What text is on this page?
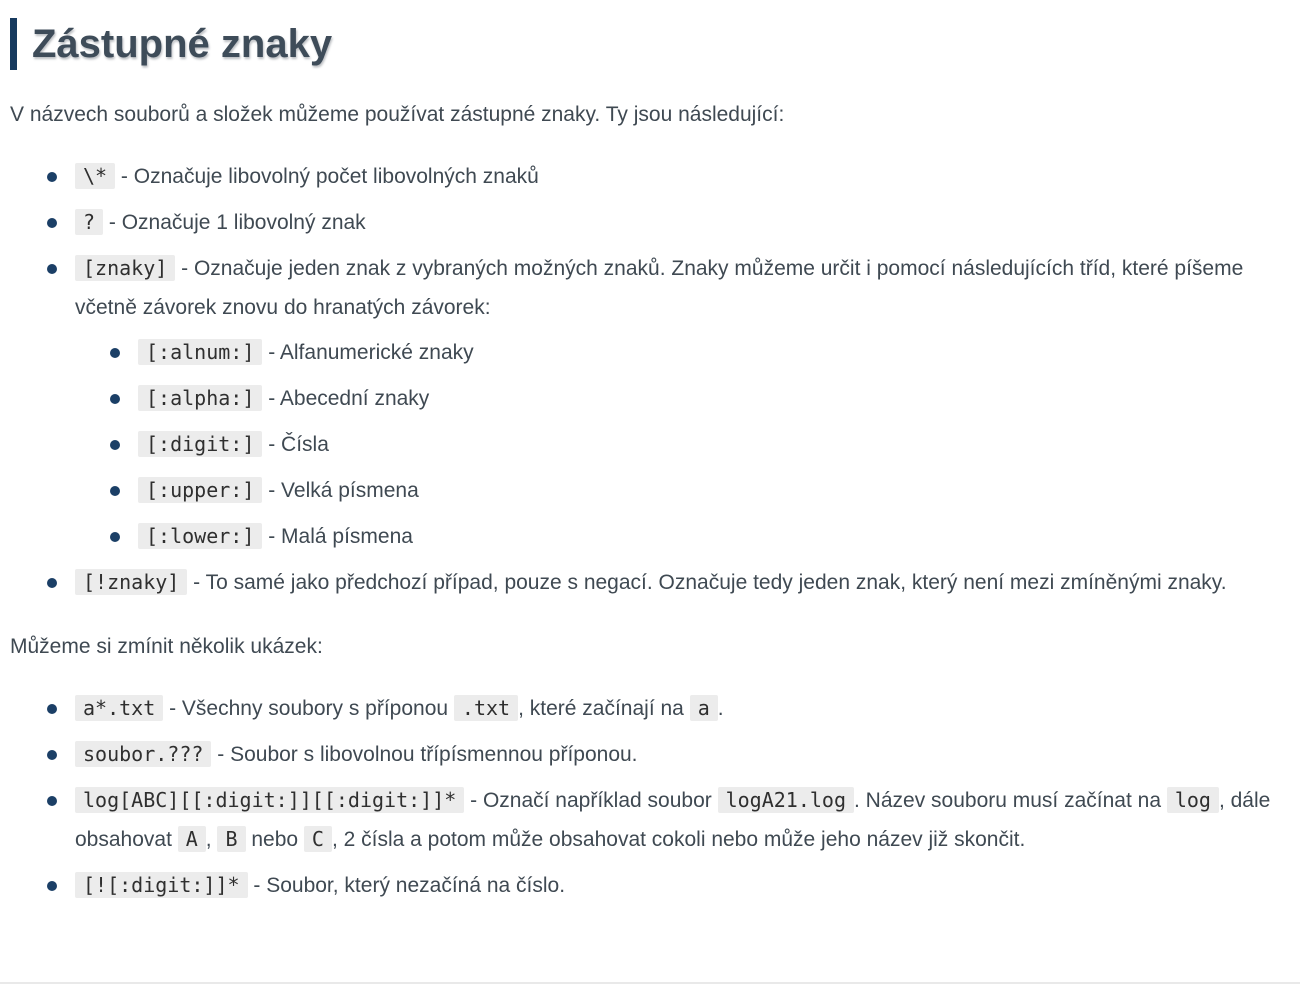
Zástupné znaky

V názvech souborů a složek můžeme používat zástupné znaky. Ty jsou následující:

\* - Označuje libovolný počet libovolných znaků
? - Označuje 1 libovolný znak
[znaky] - Označuje jeden znak z vybraných možných znaků. Znaky můžeme určit i pomocí následujících tříd, které píšeme včetně závorek znovu do hranatých závorek:
[:alnum:] - Alfanumerické znaky
[:alpha:] - Abecední znaky
[:digit:] - Čísla
[:upper:] - Velká písmena
[:lower:] - Malá písmena
[!znaky] - To samé jako předchozí případ, pouze s negací. Označuje tedy jeden znak, který není mezi zmíněnými znaky.

Můžeme si zmínit několik ukázek:

a*.txt - Všechny soubory s příponou .txt , které začínají na a .
soubor.??? - Soubor s libovolnou třípísmennou příponou.
log[ABC][[:digit:]][[:digit:]]* - Označí například soubor logA21.log . Název souboru musí začínat na log , dále obsahovat A , B nebo C , 2 čísla a potom může obsahovat cokoli nebo může jeho název již skončit.
[![:digit:]]* - Soubor, který nezačíná na číslo.
